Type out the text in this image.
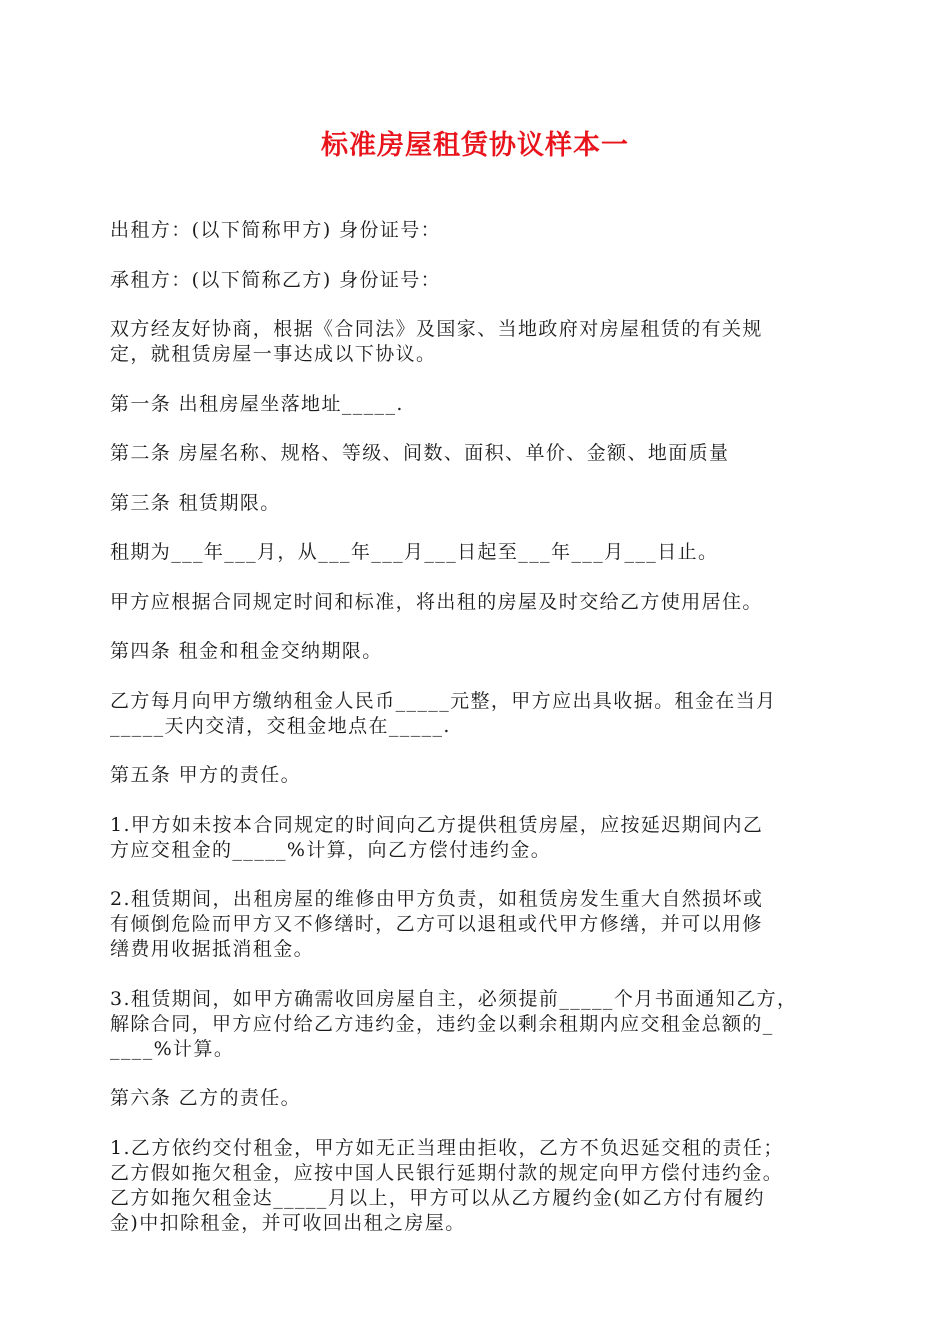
标准房屋租赁协议样本一
出租方：(以下简称甲方) 身份证号：
承租方：(以下简称乙方) 身份证号：
双方经友好协商，根据《合同法》及国家、当地政府对房屋租赁的有关规
定，就租赁房屋一事达成以下协议。
第一条 出租房屋坐落地址_____.
第二条 房屋名称、规格、等级、间数、面积、单价、金额、地面质量
第三条 租赁期限。
租期为___年___月，从___年___月___日起至___年___月___日止。
甲方应根据合同规定时间和标准，将出租的房屋及时交给乙方使用居住。
第四条 租金和租金交纳期限。
乙方每月向甲方缴纳租金人民币_____元整，甲方应出具收据。租金在当月
_____天内交清，交租金地点在_____.
第五条 甲方的责任。
1.甲方如未按本合同规定的时间向乙方提供租赁房屋，应按延迟期间内乙
方应交租金的_____%计算，向乙方偿付违约金。
2.租赁期间，出租房屋的维修由甲方负责，如租赁房发生重大自然损坏或
有倾倒危险而甲方又不修缮时，乙方可以退租或代甲方修缮，并可以用修
缮费用收据抵消租金。
3.租赁期间，如甲方确需收回房屋自主，必须提前_____个月书面通知乙方，
解除合同，甲方应付给乙方违约金，违约金以剩余租期内应交租金总额的_
____%计算。
第六条 乙方的责任。
1.乙方依约交付租金，甲方如无正当理由拒收，乙方不负迟延交租的责任；
乙方假如拖欠租金，应按中国人民银行延期付款的规定向甲方偿付违约金。
乙方如拖欠租金达_____月以上，甲方可以从乙方履约金(如乙方付有履约
金)中扣除租金，并可收回出租之房屋。
